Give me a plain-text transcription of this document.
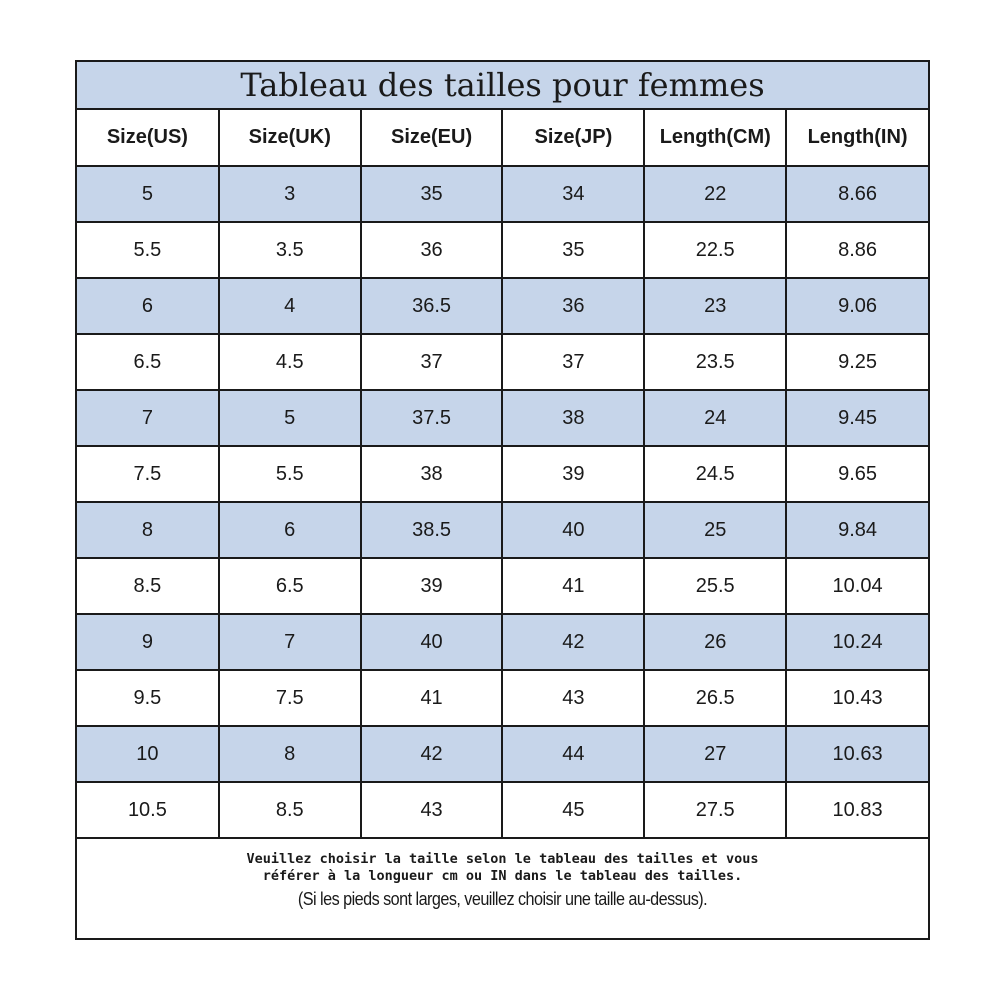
Tableau des tailles pour femmes
Size(US)	Size(UK)	Size(EU)	Size(JP)	Length(CM)	Length(IN)
5	3	35	34	22	8.66
5.5	3.5	36	35	22.5	8.86
6	4	36.5	36	23	9.06
6.5	4.5	37	37	23.5	9.25
7	5	37.5	38	24	9.45
7.5	5.5	38	39	24.5	9.65
8	6	38.5	40	25	9.84
8.5	6.5	39	41	25.5	10.04
9	7	40	42	26	10.24
9.5	7.5	41	43	26.5	10.43
10	8	42	44	27	10.63
10.5	8.5	43	45	27.5	10.83
Veuillez choisir la taille selon le tableau des tailles et vous référer à la longueur cm ou IN dans le tableau des tailles.
(Si les pieds sont larges, veuillez choisir une taille au-dessus).
